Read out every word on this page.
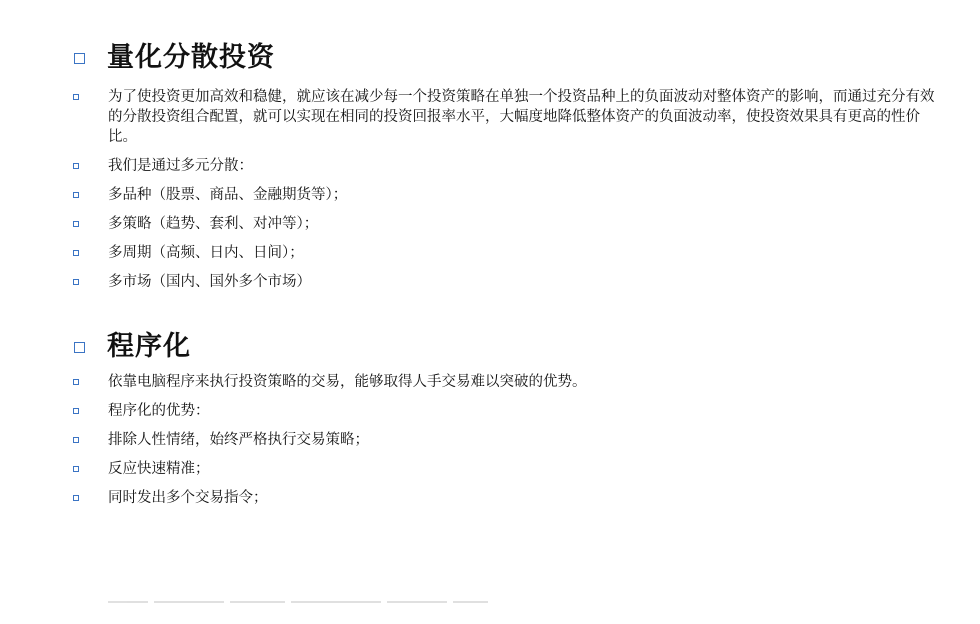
量化分散投资
为了使投资更加高效和稳健，就应该在减少每一个投资策略在单独一个投资品种上的负面波动对整体资产的影响，而通过充分有效的分散投资组合配置，就可以实现在相同的投资回报率水平，大幅度地降低整体资产的负面波动率，使投资效果具有更高的性价比。
我们是通过多元分散：
多品种（股票、商品、金融期货等）；
多策略（趋势、套利、对冲等）；
多周期（高频、日内、日间）；
多市场（国内、国外多个市场）
程序化
依靠电脑程序来执行投资策略的交易，能够取得人手交易难以突破的优势。
程序化的优势：
排除人性情绪，始终严格执行交易策略；
反应快速精准；
同时发出多个交易指令；
